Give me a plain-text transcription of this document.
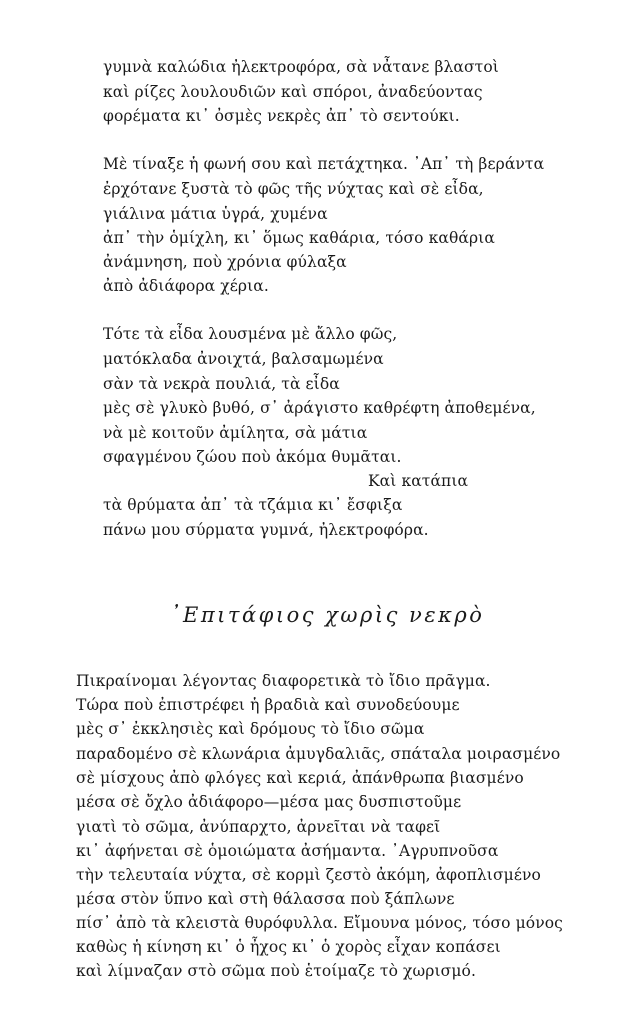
γυμνὰ καλώδια ἠλεκτροφόρα, σὰ νἆτανε βλαστοὶ
καὶ ρίζες λουλουδιῶν καὶ σπόροι, ἀναδεύοντας
φορέματα κι᾿ ὀσμὲς νεκρὲς ἀπ᾿ τὸ σεντούκι.
Μὲ τίναξε ἡ φωνή σου καὶ πετάχτηκα. ᾿Απ᾿ τὴ βεράντα
ἐρχότανε ξυστὰ τὸ φῶς τῆς νύχτας καὶ σὲ εἶδα,
γιάλινα μάτια ὑγρά, χυμένα
ἀπ᾿ τὴν ὁμίχλη, κι᾿ ὅμως καθάρια, τόσο καθάρια
ἀνάμνηση, ποὺ χρόνια φύλαξα
ἀπὸ ἀδιάφορα χέρια.
Τότε τὰ εἶδα λουσμένα μὲ ἄλλο φῶς,
ματόκλαδα ἀνοιχτά, βαλσαμωμένα
σὰν τὰ νεκρὰ πουλιά, τὰ εἶδα
μὲς σὲ γλυκὸ βυθό, σ᾿ ἀράγιστο καθρέφτη ἀποθεμένα,
νὰ μὲ κοιτοῦν ἀμίλητα, σὰ μάτια
σφαγμένου ζώου ποὺ ἀκόμα θυμᾶται.
Καὶ κατάπια
τὰ θρύματα ἀπ᾿ τὰ τζάμια κι᾿ ἔσφιξα
πάνω μου σύρματα γυμνά, ἠλεκτροφόρα.
᾿Επιτάφιος χωρὶς νεκρὸ
Πικραίνομαι λέγοντας διαφορετικὰ τὸ ἴδιο πρᾶγμα.
Τώρα ποὺ ἐπιστρέφει ἡ βραδιὰ καὶ συνοδεύουμε
μὲς σ᾿ ἐκκλησιὲς καὶ δρόμους τὸ ἴδιο σῶμα
παραδομένο σὲ κλωνάρια ἀμυγδαλιᾶς, σπάταλα μοιρασμένο
σὲ μίσχους ἀπὸ φλόγες καὶ κεριά, ἀπάνθρωπα βιασμένο
μέσα σὲ ὄχλο ἀδιάφορο—μέσα μας δυσπιστοῦμε
γιατὶ τὸ σῶμα, ἀνύπαρχτο, ἀρνεῖται νὰ ταφεῖ
κι᾿ ἀφήνεται σὲ ὁμοιώματα ἀσήμαντα. ᾿Αγρυπνοῦσα
τὴν τελευταία νύχτα, σὲ κορμὶ ζεστὸ ἀκόμη, ἀφοπλισμένο
μέσα στὸν ὕπνο καὶ στὴ θάλασσα ποὺ ξάπλωνε
πίσ᾿ ἀπὸ τὰ κλειστὰ θυρόφυλλα. Εἴμουνα μόνος, τόσο μόνος
καθὼς ἡ κίνηση κι᾿ ὁ ἦχος κι᾿ ὁ χορὸς εἶχαν κοπάσει
καὶ λίμναζαν στὸ σῶμα ποὺ ἑτοίμαζε τὸ χωρισμό.
